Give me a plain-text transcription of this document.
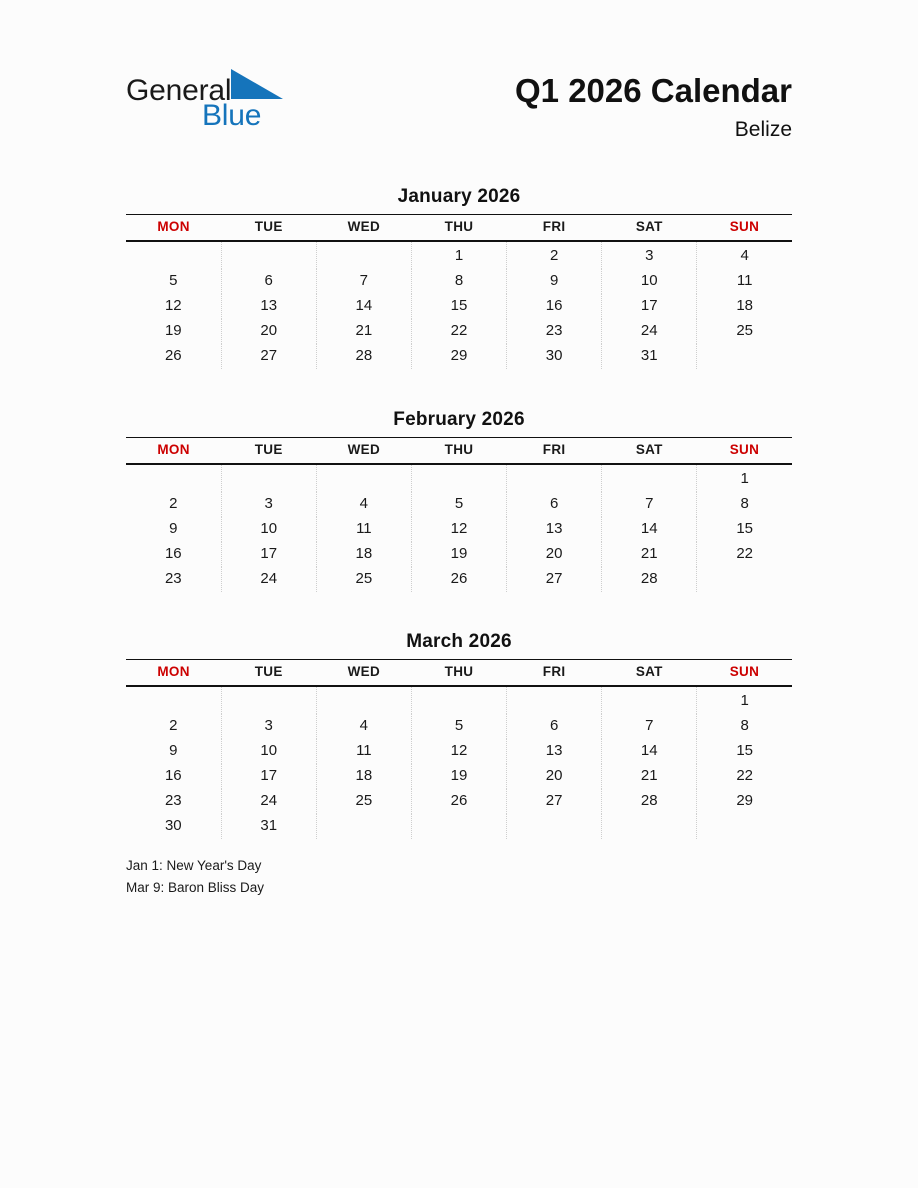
General
Blue
Q1 2026 Calendar
Belize
January 2026
MON	TUE	WED	THU	FRI	SAT	SUN
			1	2	3	4
5	6	7	8	9	10	11
12	13	14	15	16	17	18
19	20	21	22	23	24	25
26	27	28	29	30	31	
February 2026
MON	TUE	WED	THU	FRI	SAT	SUN
						1
2	3	4	5	6	7	8
9	10	11	12	13	14	15
16	17	18	19	20	21	22
23	24	25	26	27	28	
March 2026
MON	TUE	WED	THU	FRI	SAT	SUN
						1
2	3	4	5	6	7	8
9	10	11	12	13	14	15
16	17	18	19	20	21	22
23	24	25	26	27	28	29
30	31					
Jan 1: New Year's Day
Mar 9: Baron Bliss Day
